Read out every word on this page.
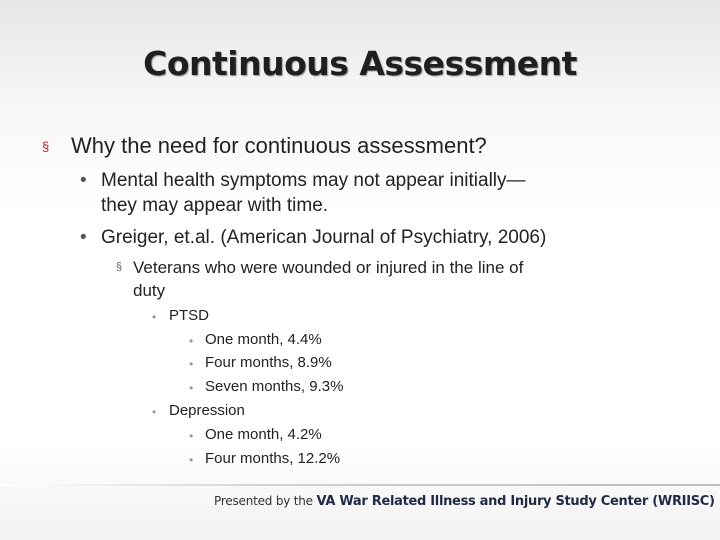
Continuous Assessment
§ Why the need for continuous assessment?
• Mental health symptoms may not appear initially—
they may appear with time.
• Greiger, et.al. (American Journal of Psychiatry, 2006)
§ Veterans who were wounded or injured in the line of
duty
• PTSD
• One month, 4.4%
• Four months, 8.9%
• Seven months, 9.3%
• Depression
• One month, 4.2%
• Four months, 12.2%
Presented by the VA War Related Illness and Injury Study Center (WRIISC)
